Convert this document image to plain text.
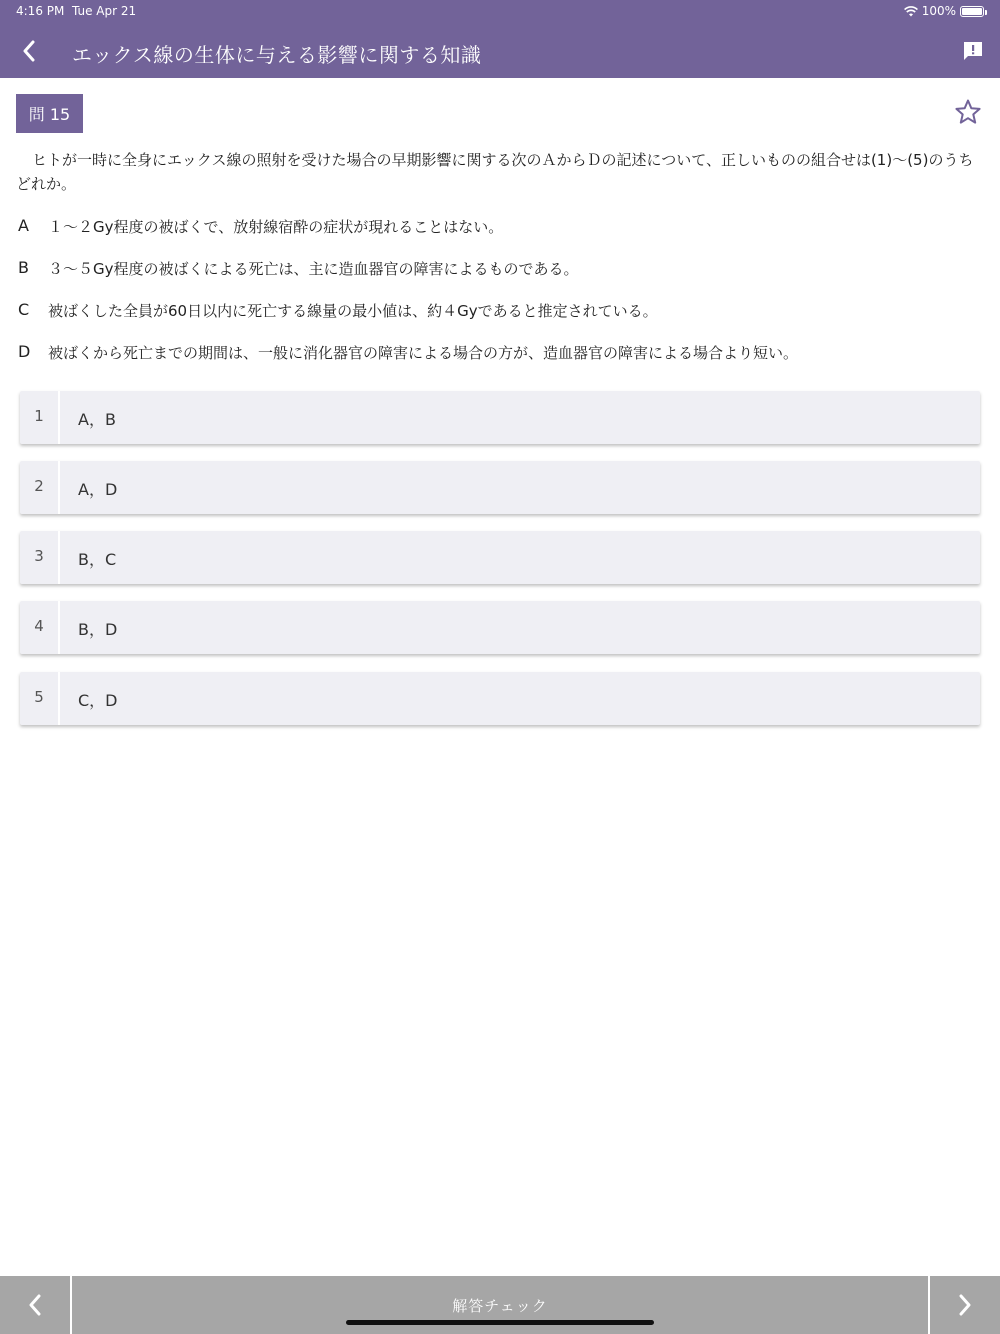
4:16 PM Tue Apr 21	100%
エックス線の生体に与える影響に関する知識
問 15
ヒトが一時に全身にエックス線の照射を受けた場合の早期影響に関する次のＡからＤの記述について、正しいものの組合せは(1)〜(5)のうちどれか。
A	１〜２Gy程度の被ばくで、放射線宿酔の症状が現れることはない。
B	３〜５Gy程度の被ばくによる死亡は、主に造血器官の障害によるものである。
C	被ばくした全員が60日以内に死亡する線量の最小値は、約４Gyであると推定されている。
D	被ばくから死亡までの期間は、一般に消化器官の障害による場合の方が、造血器官の障害による場合より短い。
1	A，B
2	A，D
3	B，C
4	B，D
5	C，D
解答チェック
